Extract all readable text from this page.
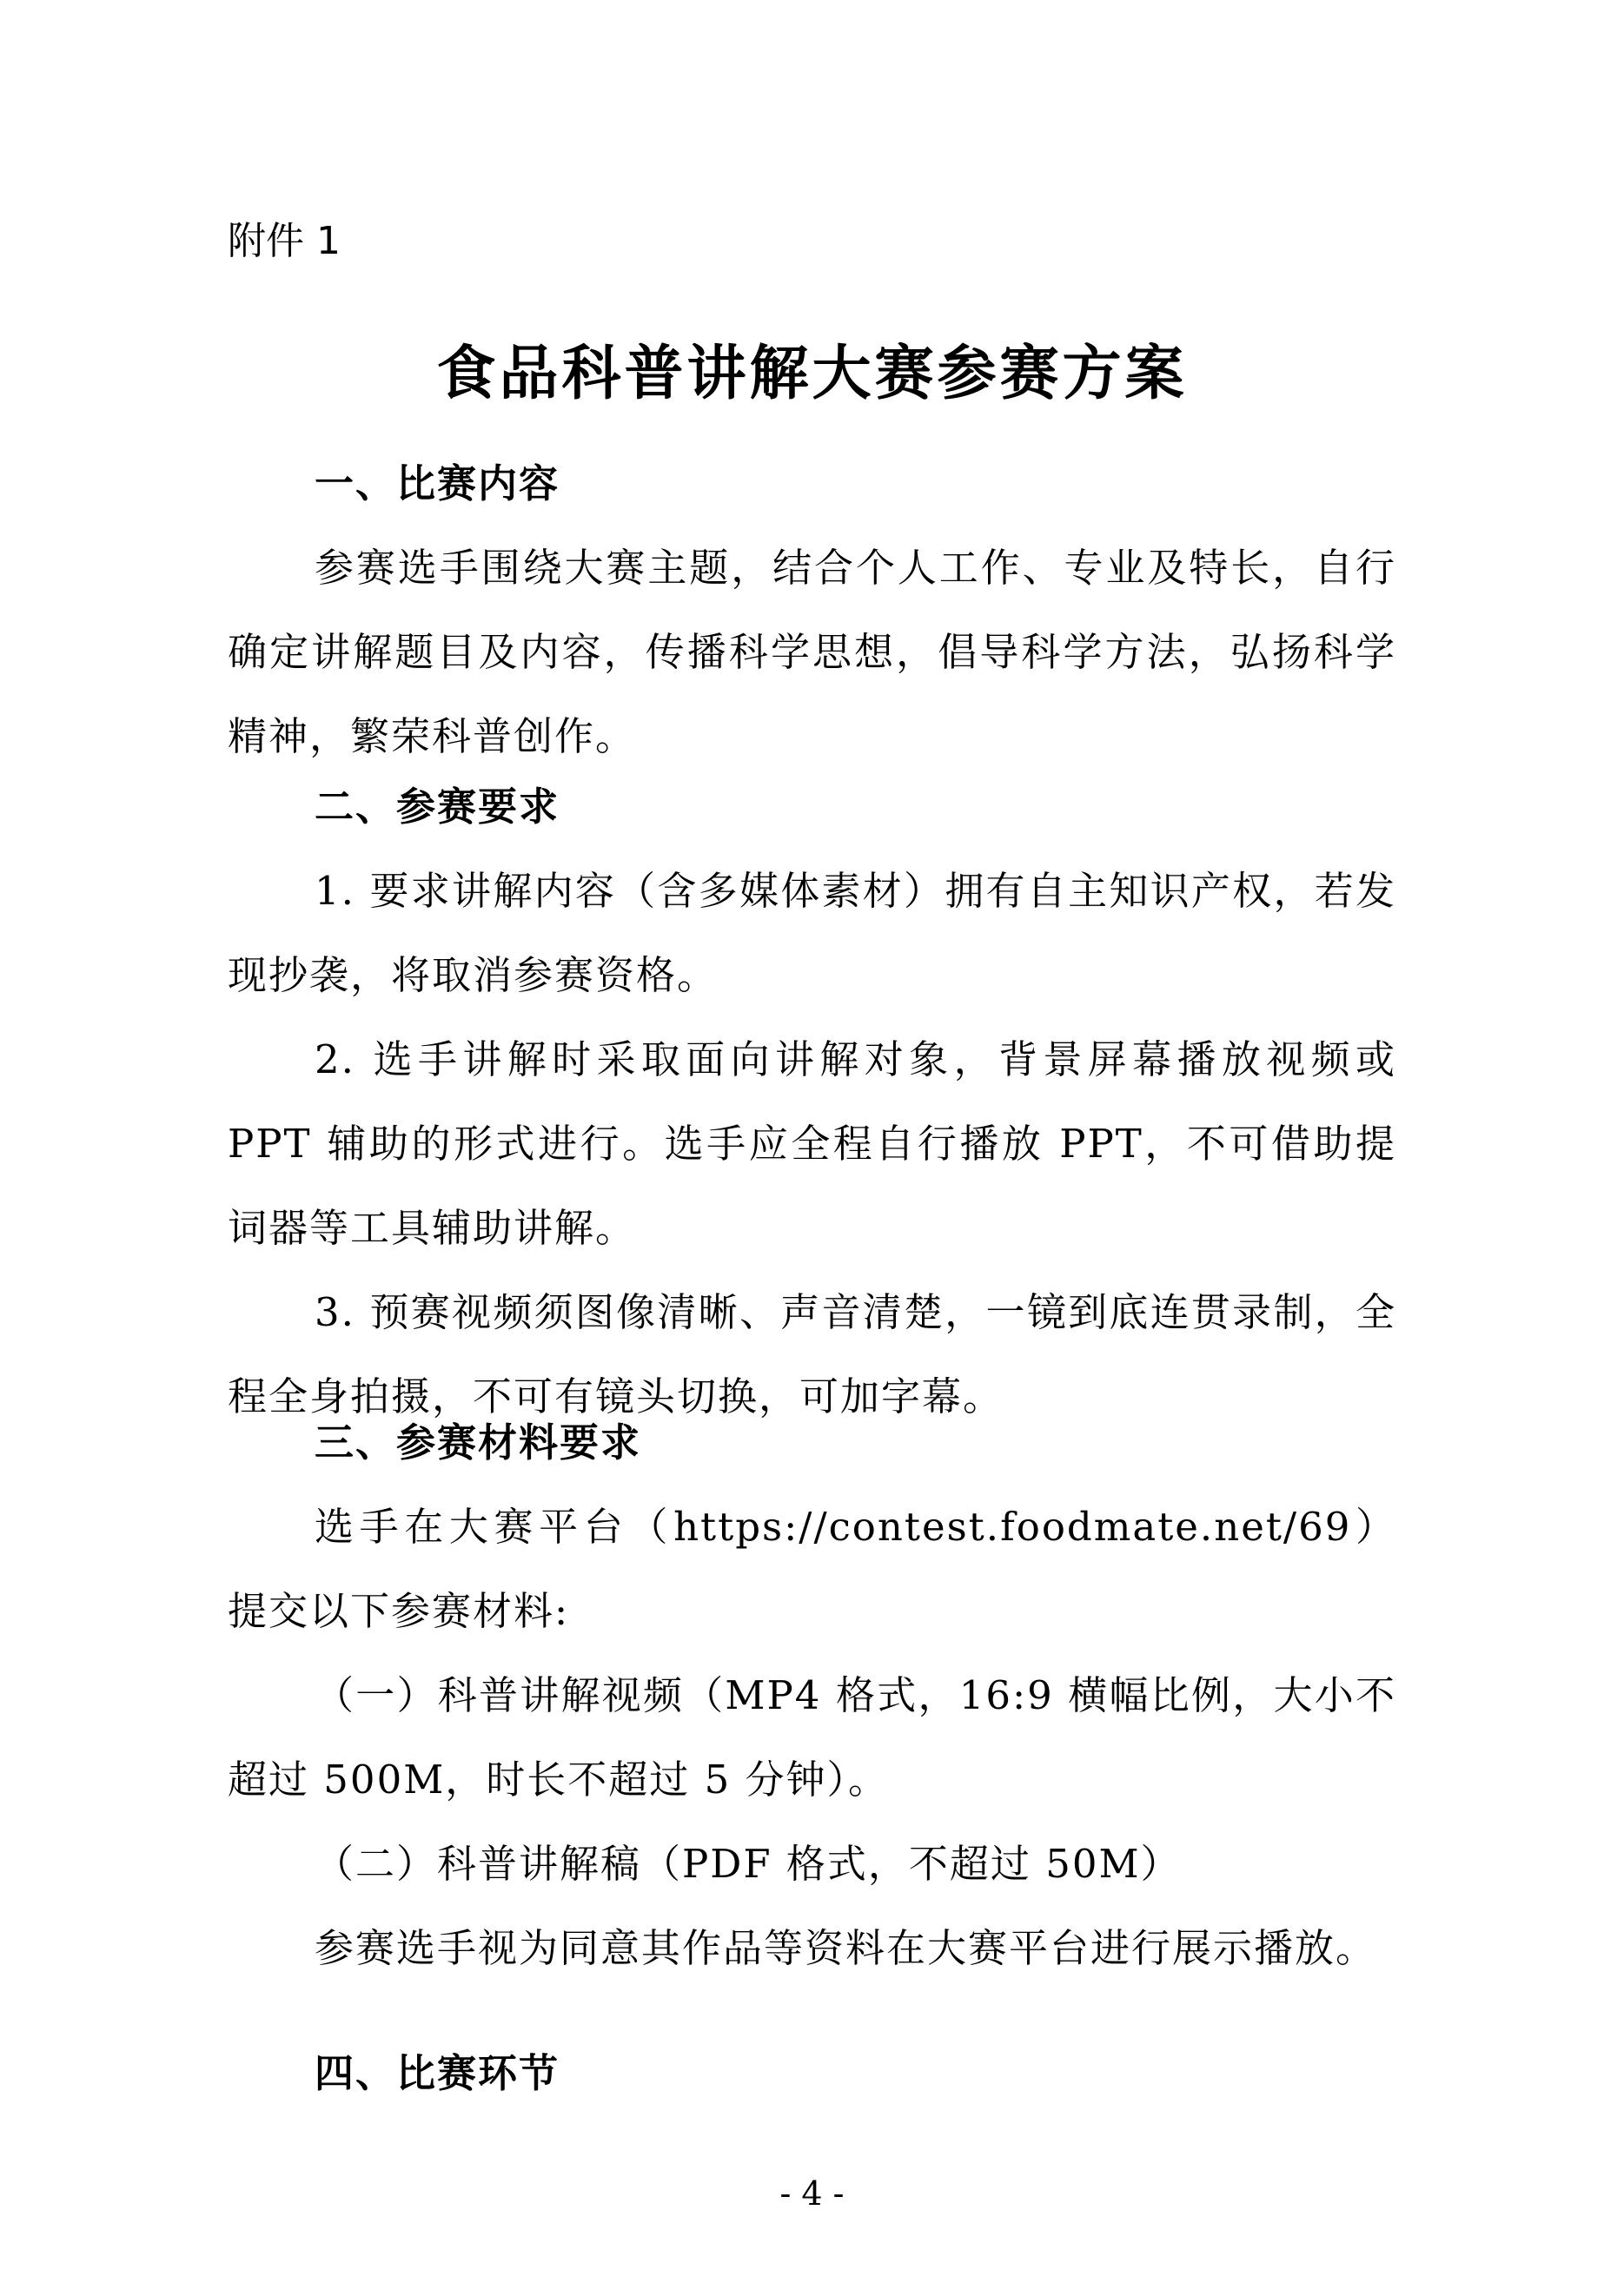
附件 1
食品科普讲解大赛参赛方案
一、比赛内容
参赛选手围绕大赛主题，结合个人工作、专业及特长，自行确定讲解题目及内容，传播科学思想，倡导科学方法，弘扬科学精神，繁荣科普创作。
二、参赛要求
1. 要求讲解内容（含多媒体素材）拥有自主知识产权，若发现抄袭，将取消参赛资格。
2. 选手讲解时采取面向讲解对象，背景屏幕播放视频或 PPT 辅助的形式进行。选手应全程自行播放 PPT，不可借助提词器等工具辅助讲解。
3. 预赛视频须图像清晰、声音清楚，一镜到底连贯录制，全程全身拍摄，不可有镜头切换，可加字幕。
三、参赛材料要求
选手在大赛平台（https://contest.foodmate.net/69）提交以下参赛材料:
（一）科普讲解视频（MP4 格式，16:9 横幅比例，大小不超过 500M，时长不超过 5 分钟）。
（二）科普讲解稿（PDF 格式，不超过 50M）
参赛选手视为同意其作品等资料在大赛平台进行展示播放。
四、比赛环节
- 4 -
